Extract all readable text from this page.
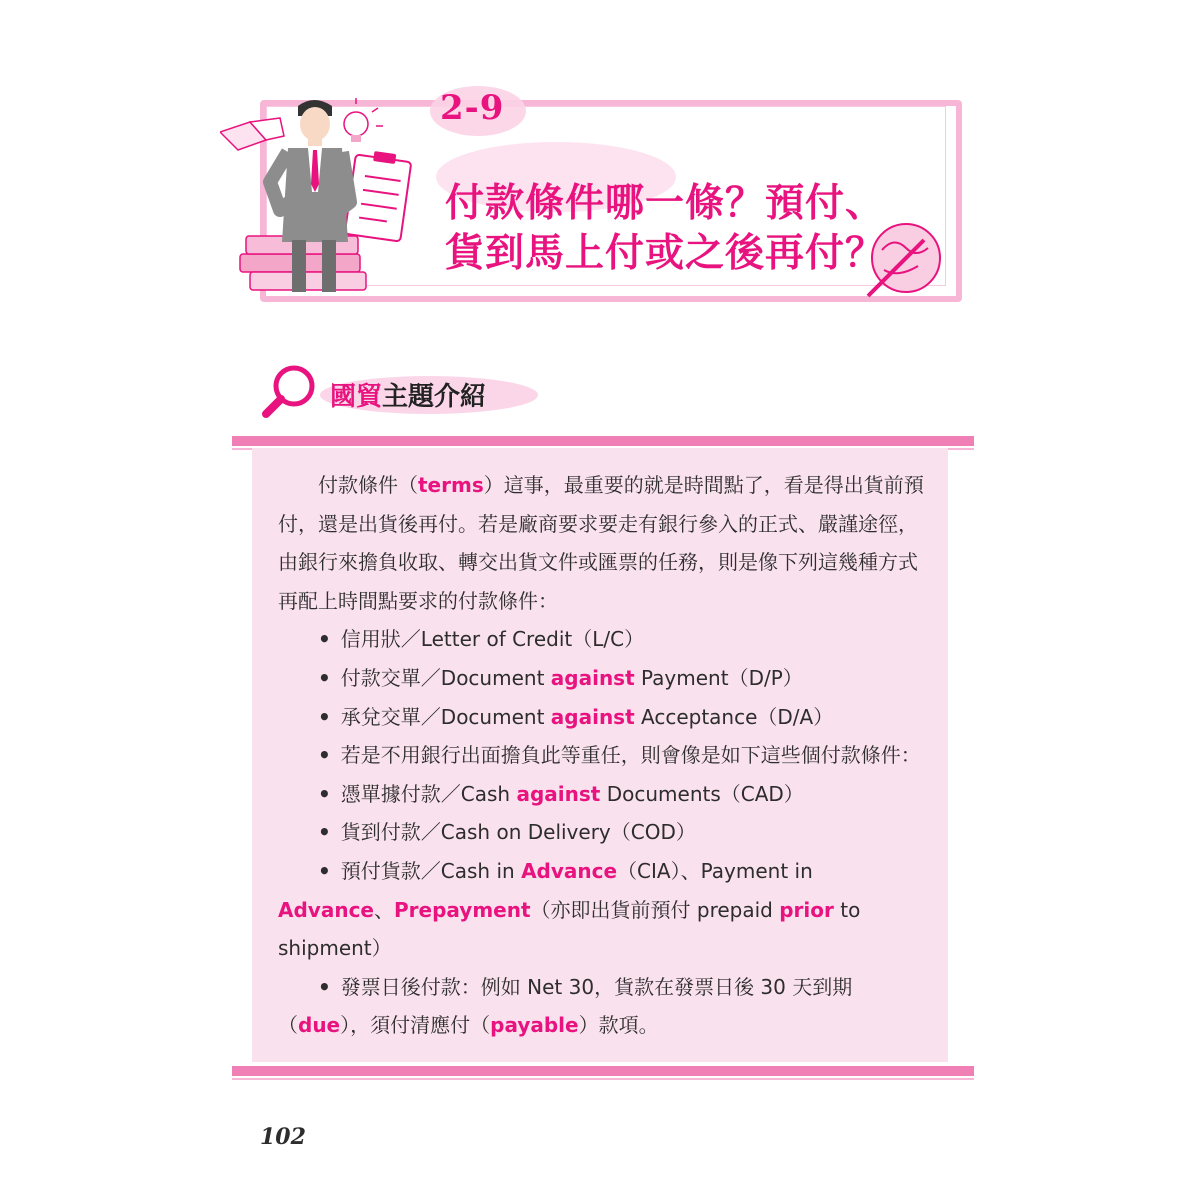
2-9
付款條件哪一條？預付、
貨到馬上付或之後再付？
國貿主題介紹

付款條件（terms）這事，最重要的就是時間點了，看是得出貨前預付，還是出貨後再付。若是廠商要求要走有銀行參入的正式、嚴謹途徑，由銀行來擔負收取、轉交出貨文件或匯票的任務，則是像下列這幾種方式再配上時間點要求的付款條件：

• 信用狀／Letter of Credit（L/C）

• 付款交單／Document against Payment（D/P）

• 承兌交單／Document against Acceptance（D/A）

• 若是不用銀行出面擔負此等重任，則會像是如下這些個付款條件：

• 憑單據付款／Cash against Documents（CAD）

• 貨到付款／Cash on Delivery（COD）

• 預付貨款／Cash in Advance（CIA）、Payment in Advance、Prepayment（亦即出貨前預付 prepaid prior to shipment）

• 發票日後付款：例如 Net 30，貨款在發票日後 30 天到期（due），須付清應付（payable）款項。

102
